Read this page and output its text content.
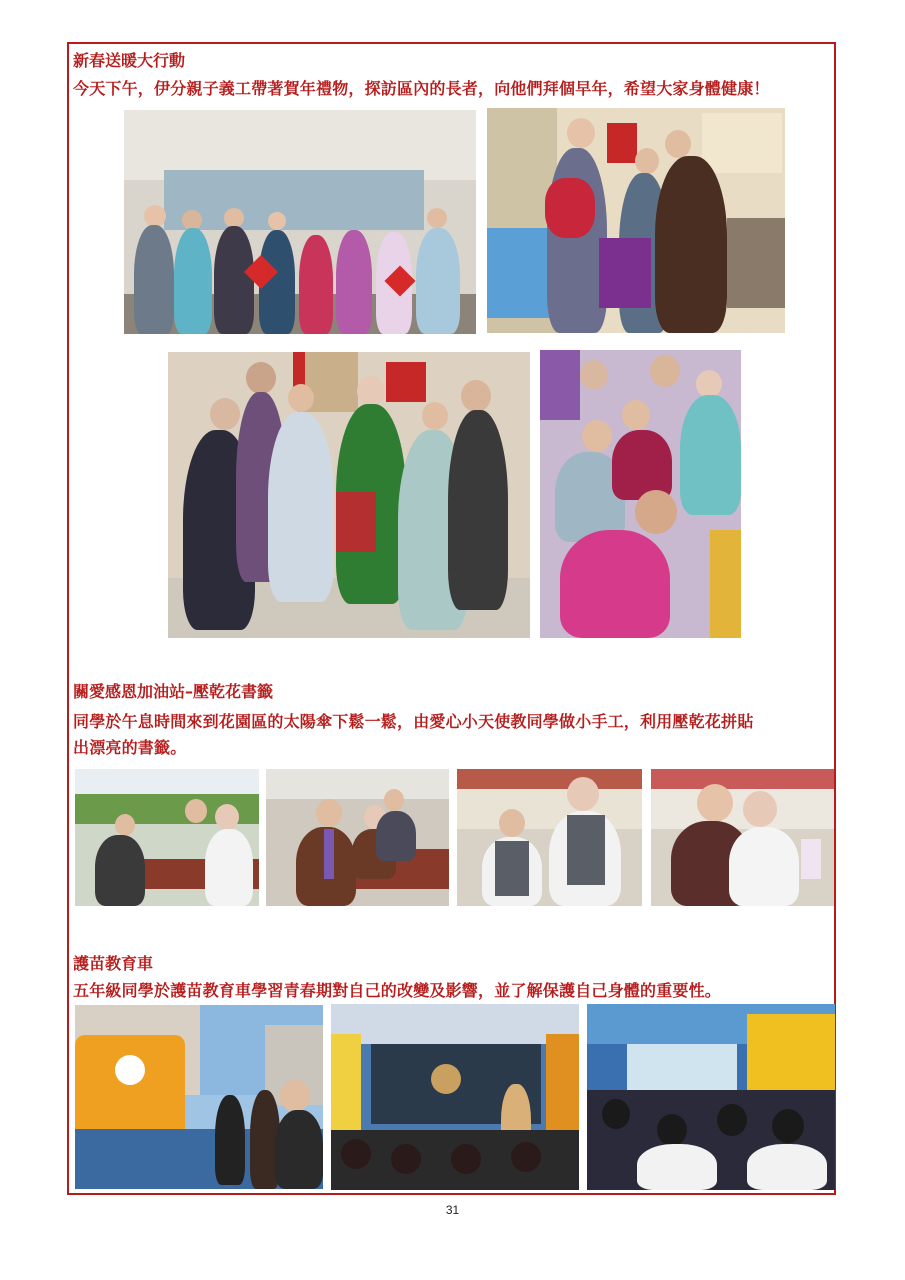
新春送暖大行動
今天下午，伊分親子義工帶著賀年禮物，探訪區內的長者，向他們拜個早年，希望大家身體健康！
關愛感恩加油站–壓乾花書籤
同學於午息時間來到花園區的太陽傘下鬆一鬆，由愛心小天使教同學做小手工，利用壓乾花拼貼
出漂亮的書籤。
護苗教育車
五年級同學於護苗教育車學習青春期對自己的改變及影響，並了解保護自己身體的重要性。
31
